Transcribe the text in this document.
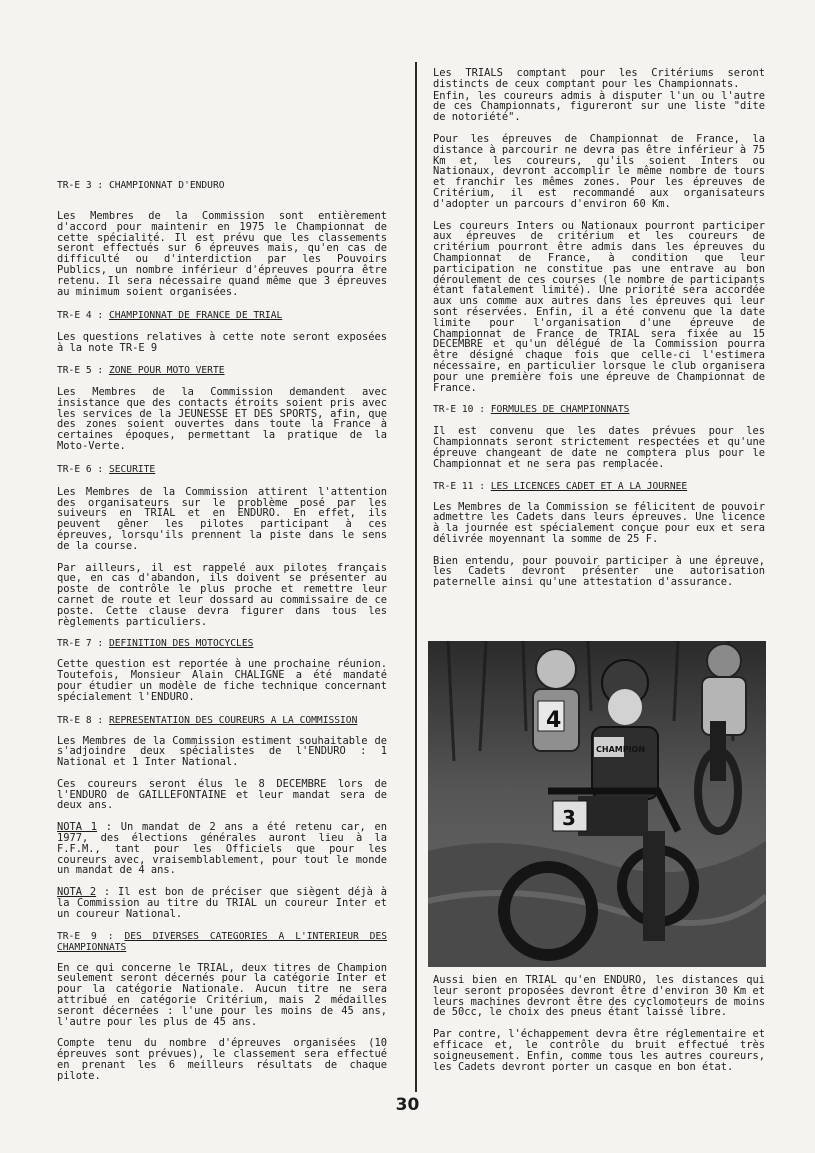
TR-E 3 : CHAMPIONNAT D'ENDURO

Les Membres de la Commission sont entièrement d'accord pour maintenir en 1975 le Championnat de cette spécialité. Il est prévu que les classements seront effectués sur 6 épreuves mais, qu'en cas de difficulté ou d'interdiction par les Pouvoirs Publics, un nombre inférieur d'épreuves pourra être retenu. Il sera nécessaire quand même que 3 épreuves au minimum soient organisées.

TR-E 4 : CHAMPIONNAT DE FRANCE DE TRIAL

Les questions relatives à cette note seront exposées à la note TR-E 9

TR-E 5 : ZONE POUR MOTO VERTE

Les Membres de la Commission demandent avec insistance que des contacts étroits soient pris avec les services de la JEUNESSE ET DES SPORTS, afin, que des zones soient ouvertes dans toute la France à certaines époques, permettant la pratique de la Moto-Verte.

TR-E 6 : SECURITE

Les Membres de la Commission attirent l'attention des organisateurs sur le problème posé par les suiveurs en TRIAL et en ENDURO. En effet, ils peuvent gêner les pilotes participant à ces épreuves, lorsqu'ils prennent la piste dans le sens de la course.

Par ailleurs, il est rappelé aux pilotes français que, en cas d'abandon, ils doivent se présenter au poste de contrôle le plus proche et remettre leur carnet de route et leur dossard au commissaire de ce poste. Cette clause devra figurer dans tous les règlements particuliers.

TR-E 7 : DEFINITION DES MOTOCYCLES

Cette question est reportée à une prochaine réunion. Toutefois, Monsieur Alain CHALIGNE a été mandaté pour étudier un modèle de fiche technique concernant spécialement l'ENDURO.

TR-E 8 : REPRESENTATION DES COUREURS A LA COMMISSION

Les Membres de la Commission estiment souhaitable de s'adjoindre deux spécialistes de l'ENDURO : 1 National et 1 Inter National.

Ces coureurs seront élus le 8 DECEMBRE lors de l'ENDURO de GAILLEFONTAINE et leur mandat sera de deux ans.

NOTA 1 : Un mandat de 2 ans a été retenu car, en 1977, des élections générales auront lieu à la F.F.M., tant pour les Officiels que pour les coureurs avec, vraisemblablement, pour tout le monde un mandat de 4 ans.

NOTA 2 : Il est bon de préciser que siègent déjà à la Commission au titre du TRIAL un coureur Inter et un coureur National.

TR-E 9 : DES DIVERSES CATEGORIES A L'INTERIEUR DES CHAMPIONNATS

En ce qui concerne le TRIAL, deux titres de Champion seulement seront décernés pour la catégorie Inter et pour la catégorie Nationale. Aucun titre ne sera attribué en catégorie Critérium, mais 2 médailles seront décernées : l'une pour les moins de 45 ans, l'autre pour les plus de 45 ans.

Compte tenu du nombre d'épreuves organisées (10 épreuves sont prévues), le classement sera effectué en prenant les 6 meilleurs résultats de chaque pilote.

Les TRIALS comptant pour les Critériums seront distincts de ceux comptant pour les Championnats.

Enfin, les coureurs admis à disputer l'un ou l'autre de ces Championnats, figureront sur une liste "dite de notoriété".

Pour les épreuves de Championnat de France, la distance à parcourir ne devra pas être inférieur à 75 Km et, les coureurs, qu'ils soient Inters ou Nationaux, devront accomplir le même nombre de tours et franchir les mêmes zones. Pour les épreuves de Critérium, il est recommandé aux organisateurs d'adopter un parcours d'environ 60 Km.

Les coureurs Inters ou Nationaux pourront participer aux épreuves de critérium et les coureurs de critérium pourront être admis dans les épreuves du Championnat de France, à condition que leur participation ne constitue pas une entrave au bon déroulement de ces courses (le nombre de participants étant fatalement limité). Une priorité sera accordée aux uns comme aux autres dans les épreuves qui leur sont réservées. Enfin, il a été convenu que la date limite pour l'organisation d'une épreuve de Championnat de France de TRIAL sera fixée au 15 DECEMBRE et qu'un délégué de la Commission pourra être désigné chaque fois que celle-ci l'estimera nécessaire, en particulier lorsque le club organisera pour une première fois une épreuve de Championnat de France.

TR-E 10 : FORMULES DE CHAMPIONNATS

Il est convenu que les dates prévues pour les Championnats seront strictement respectées et qu'une épreuve changeant de date ne comptera plus pour le Championnat et ne sera pas remplacée.

TR-E 11 : LES LICENCES CADET ET A LA JOURNEE

Les Membres de la Commission se félicitent de pouvoir admettre les Cadets dans leurs épreuves. Une licence à la journée est spécialement conçue pour eux et sera délivrée moyennant la somme de 25 F.

Bien entendu, pour pouvoir participer à une épreuve, les Cadets devront présenter une autorisation paternelle ainsi qu'une attestation d'assurance.

4
CHAMPION
3

Aussi bien en TRIAL qu'en ENDURO, les distances qui leur seront proposées devront être d'environ 30 Km et leurs machines devront être des cyclomoteurs de moins de 50cc, le choix des pneus étant laissé libre.

Par contre, l'échappement devra être réglementaire et efficace et, le contrôle du bruit effectué très soigneusement. Enfin, comme tous les autres coureurs, les Cadets devront porter un casque en bon état.

30
